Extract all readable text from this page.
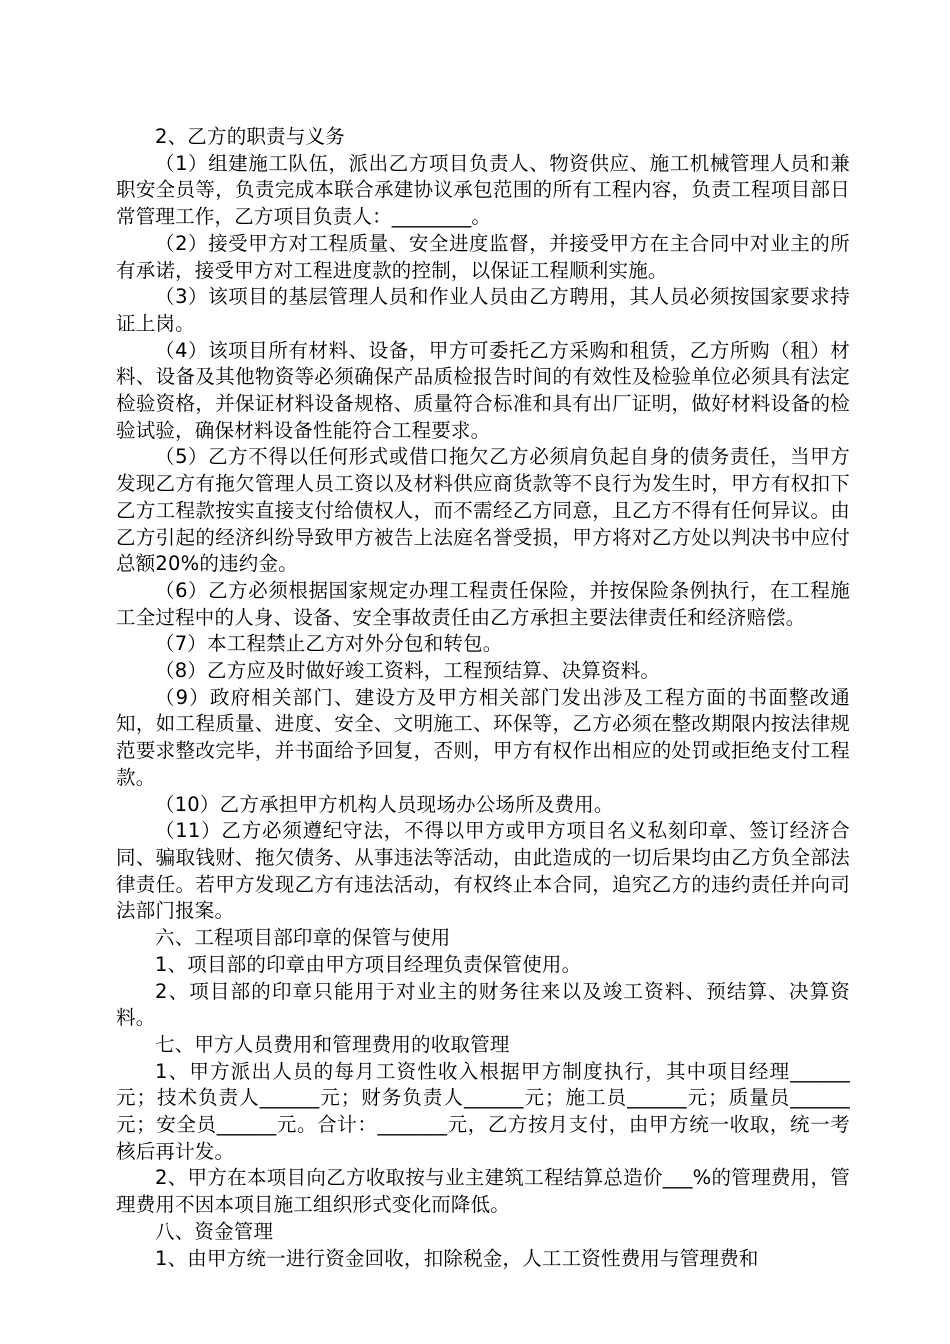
2、乙方的职责与义务

（1）组建施工队伍，派出乙方项目负责人、物资供应、施工机械管理人员和兼职安全员等，负责完成本联合承建协议承包范围的所有工程内容，负责工程项目部日常管理工作，乙方项目负责人：________。

（2）接受甲方对工程质量、安全进度监督，并接受甲方在主合同中对业主的所有承诺，接受甲方对工程进度款的控制，以保证工程顺利实施。

（3）该项目的基层管理人员和作业人员由乙方聘用，其人员必须按国家要求持证上岗。

（4）该项目所有材料、设备，甲方可委托乙方采购和租赁，乙方所购（租）材料、设备及其他物资等必须确保产品质检报告时间的有效性及检验单位必须具有法定检验资格，并保证材料设备规格、质量符合标准和具有出厂证明，做好材料设备的检验试验，确保材料设备性能符合工程要求。

（5）乙方不得以任何形式或借口拖欠乙方必须肩负起自身的债务责任，当甲方发现乙方有拖欠管理人员工资以及材料供应商货款等不良行为发生时，甲方有权扣下乙方工程款按实直接支付给债权人，而不需经乙方同意，且乙方不得有任何异议。由乙方引起的经济纠纷导致甲方被告上法庭名誉受损，甲方将对乙方处以判决书中应付总额20%的违约金。

（6）乙方必须根据国家规定办理工程责任保险，并按保险条例执行，在工程施工全过程中的人身、设备、安全事故责任由乙方承担主要法律责任和经济赔偿。

（7）本工程禁止乙方对外分包和转包。

（8）乙方应及时做好竣工资料，工程预结算、决算资料。

（9）政府相关部门、建设方及甲方相关部门发出涉及工程方面的书面整改通知，如工程质量、进度、安全、文明施工、环保等，乙方必须在整改期限内按法律规范要求整改完毕，并书面给予回复，否则，甲方有权作出相应的处罚或拒绝支付工程款。

（10）乙方承担甲方机构人员现场办公场所及费用。

（11）乙方必须遵纪守法，不得以甲方或甲方项目名义私刻印章、签订经济合同、骗取钱财、拖欠债务、从事违法等活动，由此造成的一切后果均由乙方负全部法律责任。若甲方发现乙方有违法活动，有权终止本合同，追究乙方的违约责任并向司法部门报案。

六、工程项目部印章的保管与使用

1、项目部的印章由甲方项目经理负责保管使用。

2、项目部的印章只能用于对业主的财务往来以及竣工资料、预结算、决算资料。

七、甲方人员费用和管理费用的收取管理

1、甲方派出人员的每月工资性收入根据甲方制度执行，其中项目经理______元；技术负责人______元；财务负责人______元；施工员______元；质量员______元；安全员______元。合计：_______元，乙方按月支付，由甲方统一收取，统一考核后再计发。

2、甲方在本项目向乙方收取按与业主建筑工程结算总造价___%的管理费用，管理费用不因本项目施工组织形式变化而降低。

八、资金管理

1、由甲方统一进行资金回收，扣除税金，人工工资性费用与管理费和
